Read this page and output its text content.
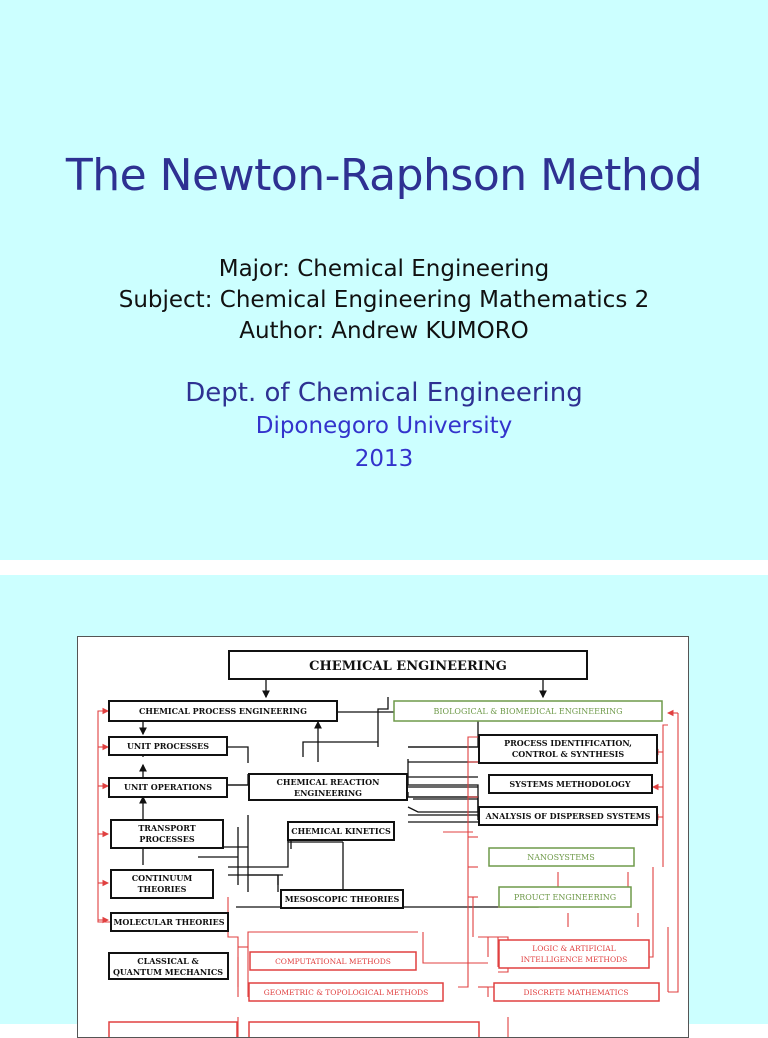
The Newton-Raphson Method
Major: Chemical Engineering
Subject: Chemical Engineering Mathematics 2
Author: Andrew KUMORO
Dept. of Chemical Engineering
Diponegoro University
2013
CHEMICAL ENGINEERING
CHEMICAL PROCESS ENGINEERING	BIOLOGICAL & BIOMEDICAL ENGINEERING
UNIT PROCESSES	PROCESS IDENTIFICATION,
CONTROL & SYNTHESIS
UNIT OPERATIONS	CHEMICAL REACTION
ENGINEERING
SYSTEMS METHODOLOGY
ANALYSIS OF DISPERSED SYSTEMS
TRANSPORT
PROCESSES
CHEMICAL KINETICS
NANOSYSTEMS
CONTINUUM
THEORIES
MESOSCOPIC THEORIES	PROUCT ENGINEERING
MOLECULAR THEORIES
CLASSICAL &
QUANTUM MECHANICS
COMPUTATIONAL METHODS
LOGIC & ARTIFICIAL
INTELLIGENCE METHODS
GEOMETRIC & TOPOLOGICAL METHODS	DISCRETE MATHEMATICS
